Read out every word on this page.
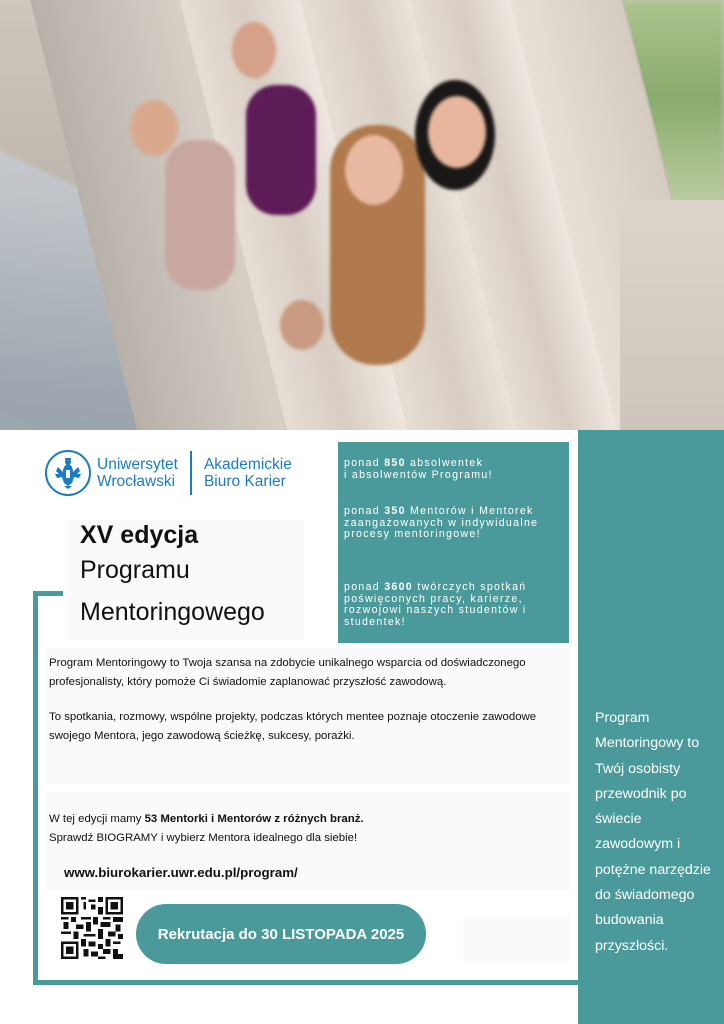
Program Mentoringowy to Twój osobisty przewodnik po świecie zawodowym i potężne narzędzie do świadomego budowania przyszłości.
Uniwersytet
Wrocławski
Akademickie
Biuro Karier
XV edycja
Programu
Mentoringowego
ponad 850 absolwentek
i absolwentów Programu!
ponad 350 Mentorów i Mentorek
zaangażowanych w indywidualne procesy mentoringowe!
ponad 3600 twórczych spotkań
poświęconych pracy, karierze, rozwojowi naszych studentów i studentek!
Program Mentoringowy to Twoja szansa na zdobycie unikalnego wsparcia od doświadczonego profesjonalisty, który pomoże Ci świadomie zaplanować przyszłość zawodową.
To spotkania, rozmowy, wspólne projekty, podczas których mentee poznaje otoczenie zawodowe swojego Mentora, jego zawodową ścieżkę, sukcesy, porażki.
W tej edycji mamy 53 Mentorki i Mentorów z różnych branż.
Sprawdź BIOGRAMY i wybierz Mentora idealnego dla siebie!
www.biurokarier.uwr.edu.pl/program/
Rekrutacja do 30 LISTOPADA 2025
